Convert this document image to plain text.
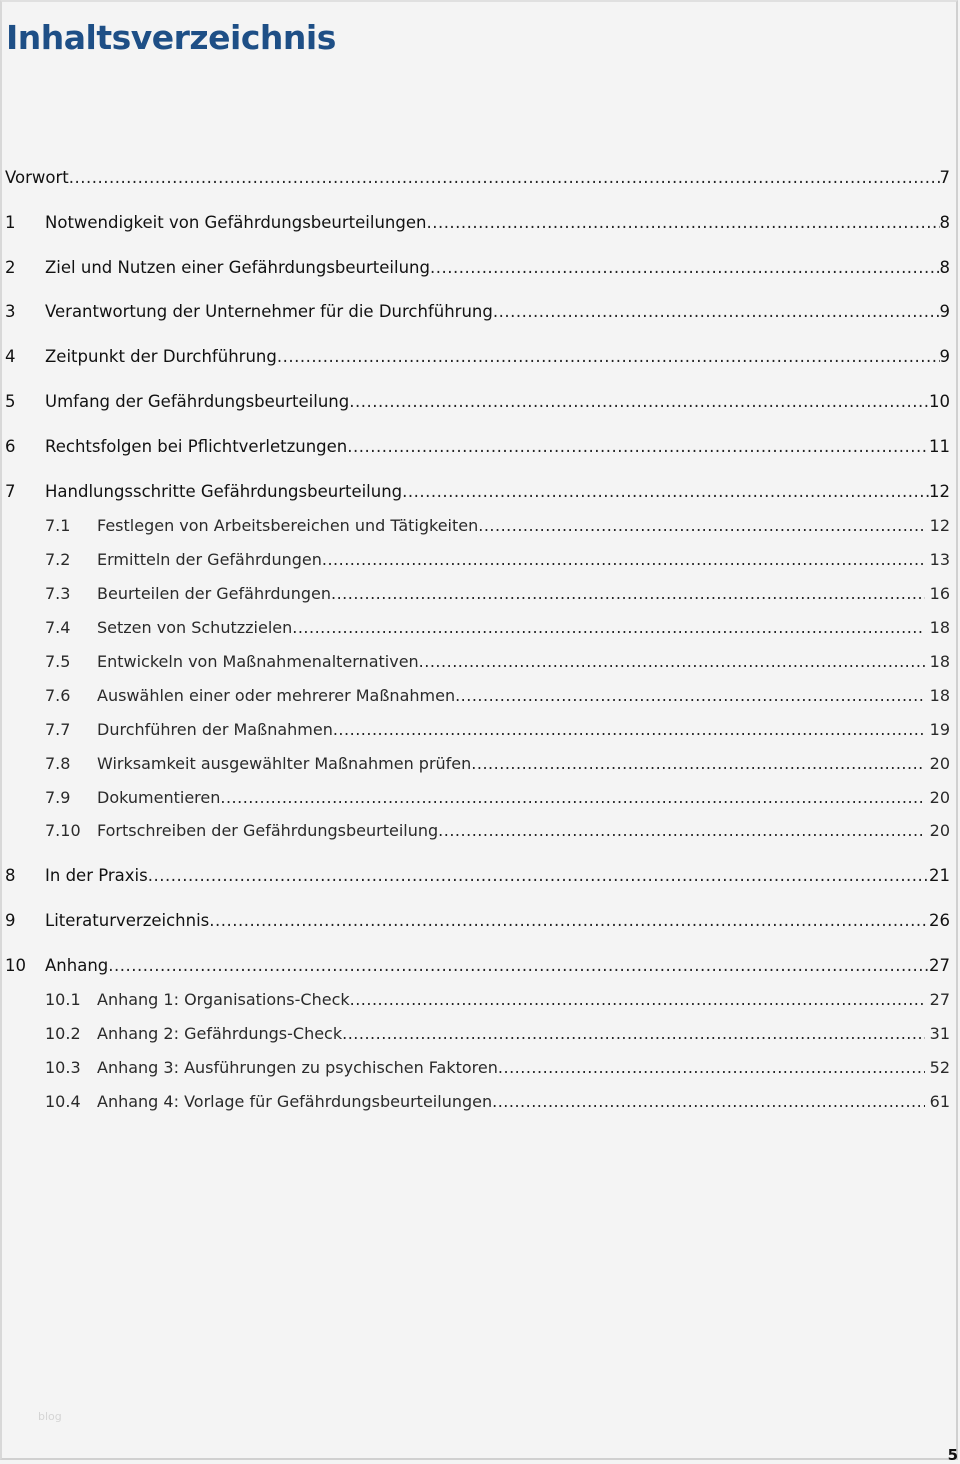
Inhaltsverzeichnis
Vorwort .....	7
1 Notwendigkeit von Gefährdungsbeurteilungen .....	8
2 Ziel und Nutzen einer Gefährdungsbeurteilung .....	8
3 Verantwortung der Unternehmer für die Durchführung .....	9
4 Zeitpunkt der Durchführung .....	9
5 Umfang der Gefährdungsbeurteilung .....	10
6 Rechtsfolgen bei Pflichtverletzungen .....	11
7 Handlungsschritte Gefährdungsbeurteilung .....	12
7.1 Festlegen von Arbeitsbereichen und Tätigkeiten .....	12
7.2 Ermitteln der Gefährdungen .....	13
7.3 Beurteilen der Gefährdungen .....	16
7.4 Setzen von Schutzzielen .....	18
7.5 Entwickeln von Maßnahmenalternativen .....	18
7.6 Auswählen einer oder mehrerer Maßnahmen .....	18
7.7 Durchführen der Maßnahmen .....	19
7.8 Wirksamkeit ausgewählter Maßnahmen prüfen .....	20
7.9 Dokumentieren .....	20
7.10 Fortschreiben der Gefährdungsbeurteilung .....	20
8 In der Praxis .....	21
9 Literaturverzeichnis .....	26
10 Anhang .....	27
10.1 Anhang 1: Organisations-Check .....	27
10.2 Anhang 2: Gefährdungs-Check .....	31
10.3 Anhang 3: Ausführungen zu psychischen Faktoren .....	52
10.4 Anhang 4: Vorlage für Gefährdungsbeurteilungen .....	61
blog
5
